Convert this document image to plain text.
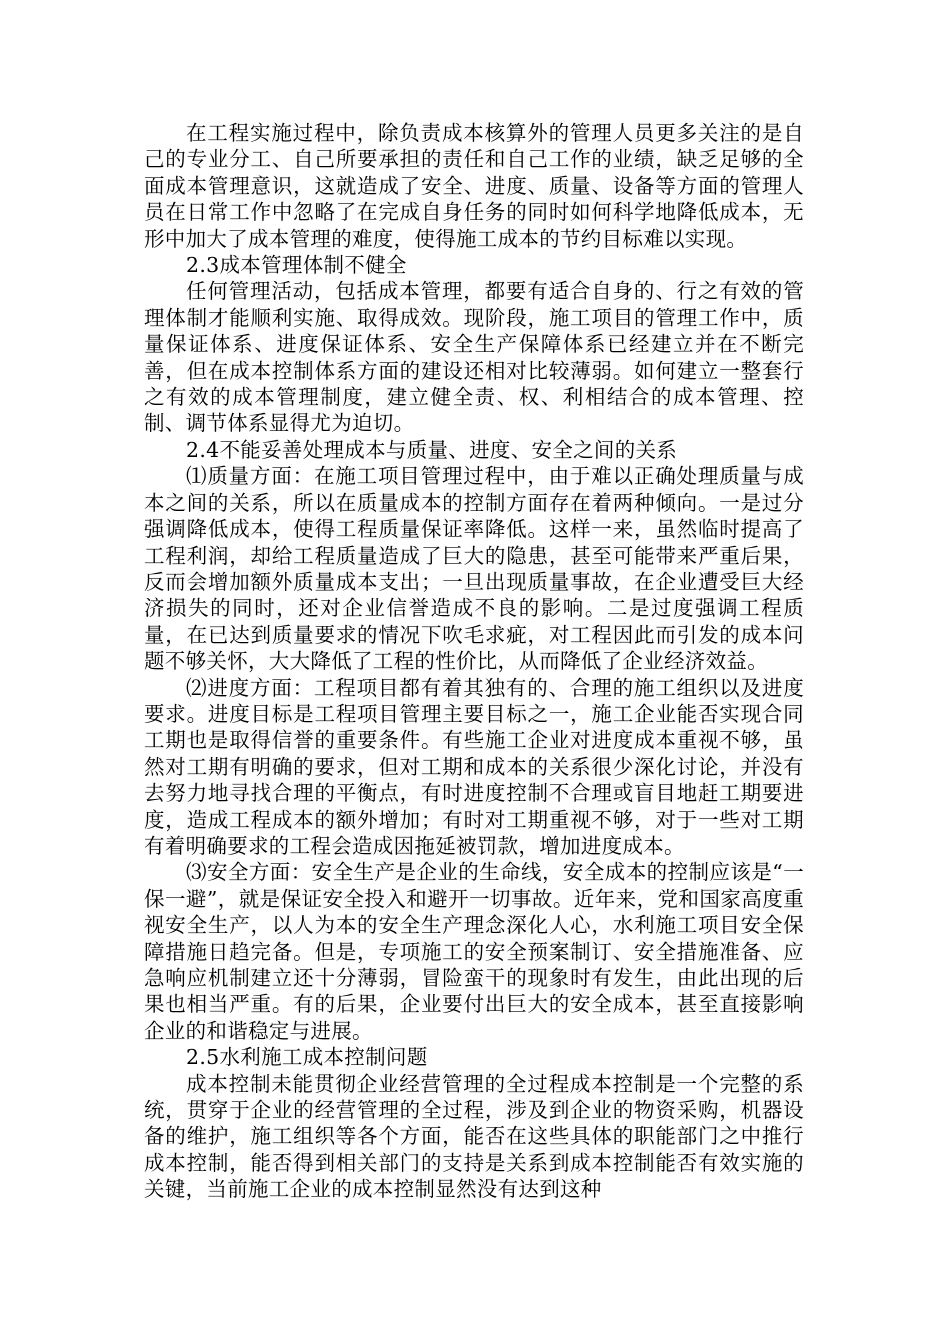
在工程实施过程中，除负责成本核算外的管理人员更多关注的是自己的专业分工、自己所要承担的责任和自己工作的业绩，缺乏足够的全面成本管理意识，这就造成了安全、进度、质量、设备等方面的管理人员在日常工作中忽略了在完成自身任务的同时如何科学地降低成本，无形中加大了成本管理的难度，使得施工成本的节约目标难以实现。

2.3成本管理体制不健全

任何管理活动，包括成本管理，都要有适合自身的、行之有效的管理体制才能顺利实施、取得成效。现阶段，施工项目的管理工作中，质量保证体系、进度保证体系、安全生产保障体系已经建立并在不断完善，但在成本控制体系方面的建设还相对比较薄弱。如何建立一整套行之有效的成本管理制度，建立健全责、权、利相结合的成本管理、控制、调节体系显得尤为迫切。

2.4不能妥善处理成本与质量、进度、安全之间的关系

⑴质量方面：在施工项目管理过程中，由于难以正确处理质量与成本之间的关系，所以在质量成本的控制方面存在着两种倾向。一是过分强调降低成本，使得工程质量保证率降低。这样一来，虽然临时提高了工程利润，却给工程质量造成了巨大的隐患，甚至可能带来严重后果，反而会增加额外质量成本支出；一旦出现质量事故，在企业遭受巨大经济损失的同时，还对企业信誉造成不良的影响。二是过度强调工程质量，在已达到质量要求的情况下吹毛求疵，对工程因此而引发的成本问题不够关怀，大大降低了工程的性价比，从而降低了企业经济效益。

⑵进度方面：工程项目都有着其独有的、合理的施工组织以及进度要求。进度目标是工程项目管理主要目标之一，施工企业能否实现合同工期也是取得信誉的重要条件。有些施工企业对进度成本重视不够，虽然对工期有明确的要求，但对工期和成本的关系很少深化讨论，并没有去努力地寻找合理的平衡点，有时进度控制不合理或盲目地赶工期要进度，造成工程成本的额外增加；有时对工期重视不够，对于一些对工期有着明确要求的工程会造成因拖延被罚款，增加进度成本。

⑶安全方面：安全生产是企业的生命线，安全成本的控制应该是“一保一避”，就是保证安全投入和避开一切事故。近年来，党和国家高度重视安全生产，以人为本的安全生产理念深化人心，水利施工项目安全保障措施日趋完备。但是，专项施工的安全预案制订、安全措施准备、应急响应机制建立还十分薄弱，冒险蛮干的现象时有发生，由此出现的后果也相当严重。有的后果，企业要付出巨大的安全成本，甚至直接影响企业的和谐稳定与进展。

2.5水利施工成本控制问题

成本控制未能贯彻企业经营管理的全过程成本控制是一个完整的系统，贯穿于企业的经营管理的全过程，涉及到企业的物资采购，机器设备的维护，施工组织等各个方面，能否在这些具体的职能部门之中推行成本控制，能否得到相关部门的支持是关系到成本控制能否有效实施的关键，当前施工企业的成本控制显然没有达到这种
